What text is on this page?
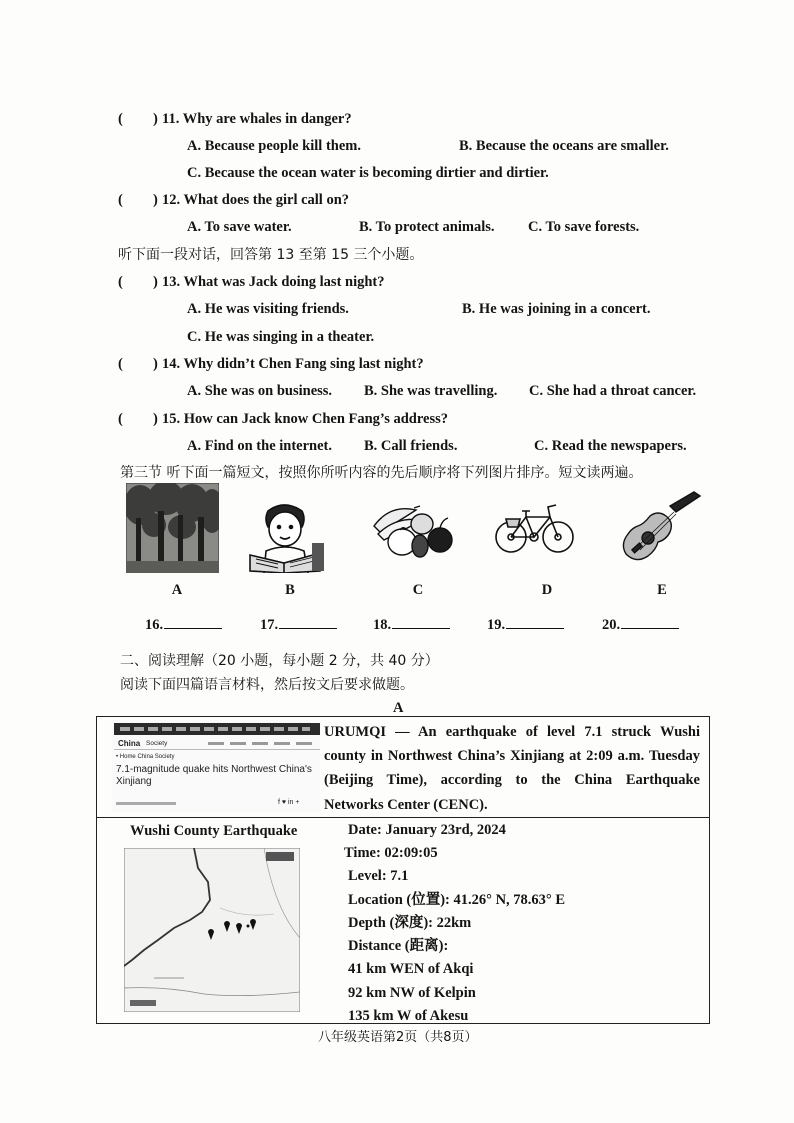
( ) 11. Why are whales in danger?
A. Because people kill them.	B. Because the oceans are smaller.
C. Because the ocean water is becoming dirtier and dirtier.
( ) 12. What does the girl call on?
A. To save water.	B. To protect animals. C. To save forests.
听下面一段对话，回答第 13 至第 15 三个小题。
( ) 13. What was Jack doing last night?
A. He was visiting friends.	B. He was joining in a concert.
C. He was singing in a theater.
( ) 14. Why didn’t Chen Fang sing last night?
A. She was on business. B. She was travelling. C. She had a throat cancer.
( ) 15. How can Jack know Chen Fang’s address?
A. Find on the internet. B. Call friends.	C. Read the newspapers.
第三节 听下面一篇短文，按照你所听内容的先后顺序将下列图片排序。短文读两遍。
A	B	C	D	E
16.	17.	18.	19.	20.
二、阅读理解（20 小题，每小题 2 分，共 40 分）
阅读下面四篇语言材料，然后按文后要求做题。
A
China Society
• Home China Society
7.1-magnitude quake hits Northwest China's Xinjiang
f ♥ in +
URUMQI — An earthquake of level 7.1 struck Wushi
county in Northwest China’s Xinjiang at 2:09 a.m. Tuesday
(Beijing Time), according to the China Earthquake
Networks Center (CENC).
Wushi County Earthquake	Date: January 23rd, 2024
Time: 02:09:05
Level: 7.1
Location (位置): 41.26° N, 78.63° E
Depth (深度): 22km
Distance (距离):
41 km WEN of Akqi
92 km NW of Kelpin
135 km W of Akesu
八年级英语第2页（共8页）
